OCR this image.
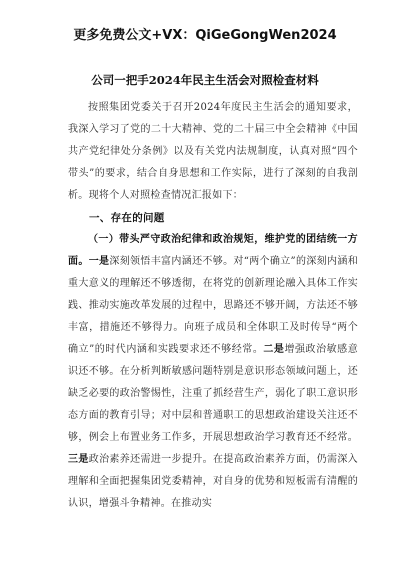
更多免费公文+VX：QiGeGongWen2024
公司一把手2024年民主生活会对照检查材料

按照集团党委关于召开2024年度民主生活会的通知要求，我深入学习了党的二十大精神、党的二十届三中全会精神《中国共产党纪律处分条例》以及有关党内法规制度，认真对照“四个带头”的要求，结合自身思想和工作实际，进行了深刻的自我剖析。现将个人对照检查情况汇报如下：

一、存在的问题

（一）带头严守政治纪律和政治规矩，维护党的团结统一方面。一是深刻领悟丰富内涵还不够。对“两个确立”的深刻内涵和重大意义的理解还不够透彻，在将党的创新理论融入具体工作实践、推动实施改革发展的过程中，思路还不够开阔，方法还不够丰富，措施还不够得力。向班子成员和全体职工及时传导“两个确立”的时代内涵和实践要求还不够经常。二是增强政治敏感意识还不够。在分析判断敏感问题特别是意识形态领域问题上，还缺乏必要的政治警惕性，注重了抓经营生产，弱化了职工意识形态方面的教育引导；对中层和普通职工的思想政治建设关注还不够，例会上布置业务工作多，开展思想政治学习教育还不经常。三是政治素养还需进一步提升。在提高政治素养方面，仍需深入理解和全面把握集团党委精神，对自身的优势和短板需有清醒的认识，增强斗争精神。在推动实
